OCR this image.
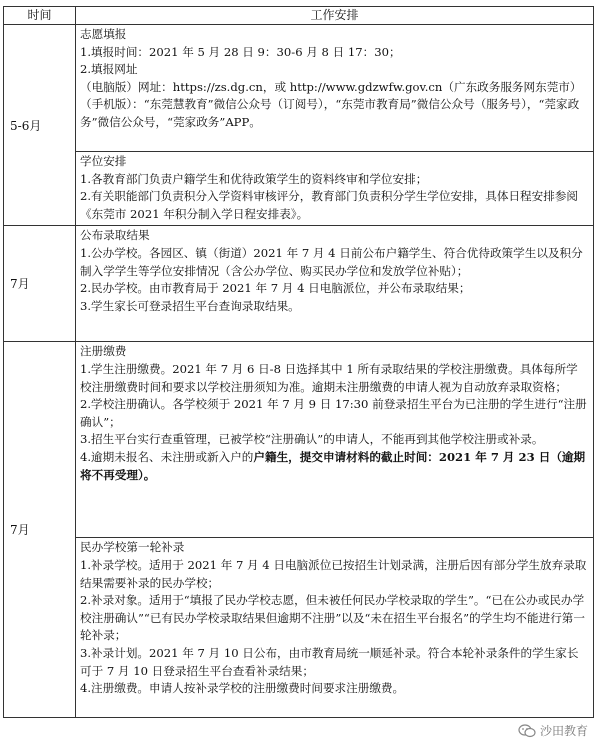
时间	工作安排
5-6月	志愿填报
1.填报时间：2021 年 5 月 28 日 9：30-6 月 8 日 17：30；
2.填报网址
（电脑版）网址：https://zs.dg.cn，或 http://www.gdzwfw.gov.cn（广东政务服务网东莞市）
（手机版）：“东莞慧教育”微信公众号（订阅号），“东莞市教育局”微信公众号（服务号），“莞家政务”微信公众号，“莞家政务”APP。

	学位安排
1.各教育部门负责户籍学生和优待政策学生的资料终审和学位安排；
2.有关职能部门负责积分入学资料审核评分，教育部门负责积分学生学位安排，具体日程安排参阅《东莞市 2021 年积分制入学日程安排表》。

7月	公布录取结果
1.公办学校。各园区、镇（街道）2021 年 7 月 4 日前公布户籍学生、符合优待政策学生以及积分制入学学生等学位安排情况（含公办学位、购买民办学位和发放学位补贴）；
2.民办学校。由市教育局于 2021 年 7 月 4 日电脑派位，并公布录取结果；
3.学生家长可登录招生平台查询录取结果。

7月	注册缴费
1.学生注册缴费。2021 年 7 月 6 日-8 日选择其中 1 所有录取结果的学校注册缴费。具体每所学校注册缴费时间和要求以学校注册须知为准。逾期未注册缴费的申请人视为自动放弃录取资格；
2.学校注册确认。各学校须于 2021 年 7 月 9 日 17:30 前登录招生平台为已注册的学生进行“注册确认”；
3.招生平台实行查重管理，已被学校“注册确认”的申请人，不能再到其他学校注册或补录。
4.逾期未报名、未注册或新入户的户籍生，提交申请材料的截止时间：2021 年 7 月 23 日（逾期将不再受理）。

	民办学校第一轮补录
1.补录学校。适用于 2021 年 7 月 4 日电脑派位已按招生计划录满，注册后因有部分学生放弃录取结果需要补录的民办学校；
2.补录对象。适用于“填报了民办学校志愿，但未被任何民办学校录取的学生”。“已在公办或民办学校注册确认”“已有民办学校录取结果但逾期不注册”以及“未在招生平台报名”的学生均不能进行第一轮补录；
3.补录计划。2021 年 7 月 10 日公布，由市教育局统一顺延补录。符合本轮补录条件的学生家长可于 7 月 10 日登录招生平台查看补录结果；
4.注册缴费。申请人按补录学校的注册缴费时间要求注册缴费。
沙田教育
